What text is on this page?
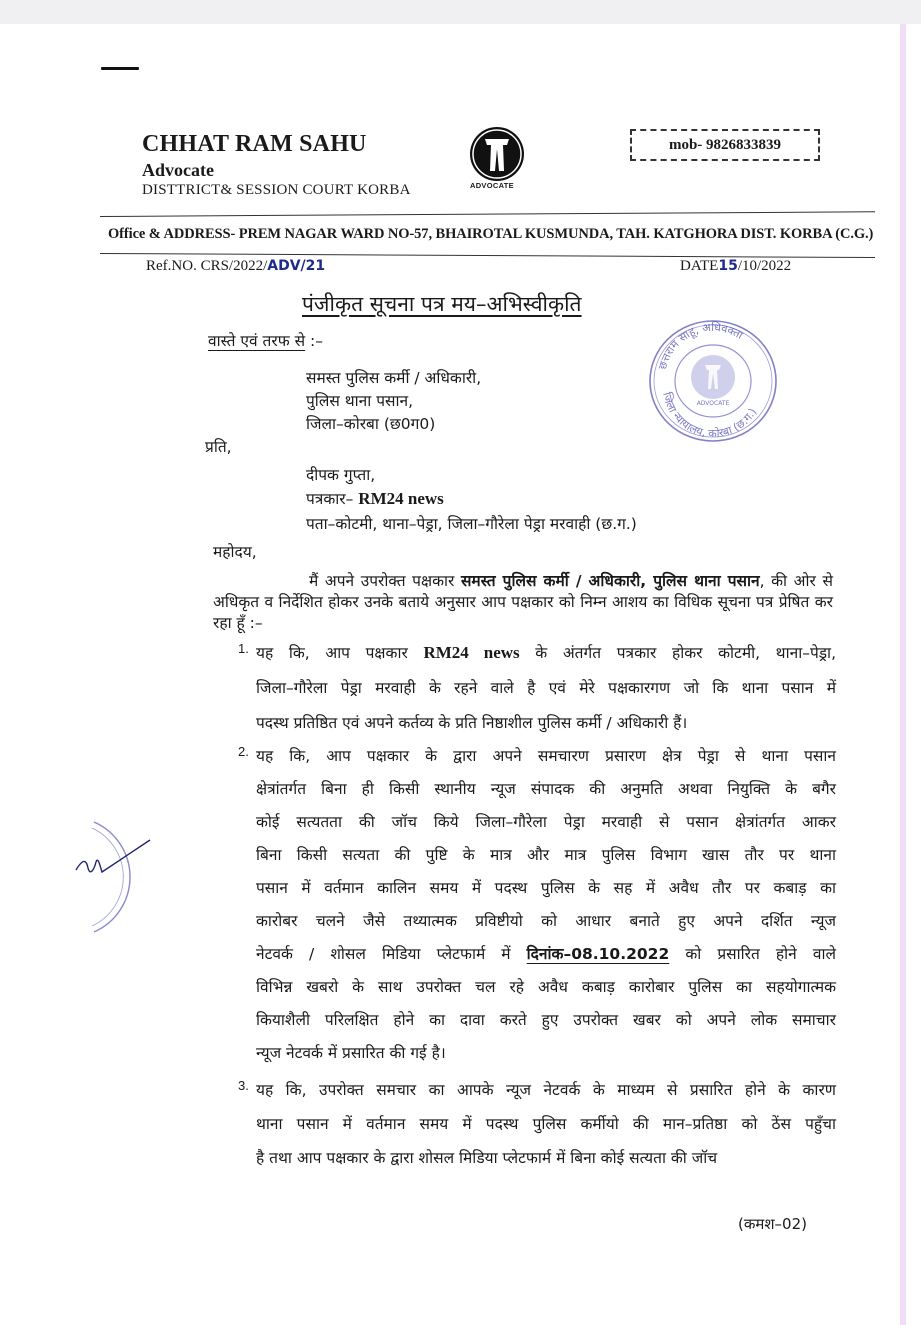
CHHAT RAM SAHU
Advocate
DISTTRICT& SESSION COURT KORBA	ADVOCATE
mob- 9826833839
Office & ADDRESS- PREM NAGAR WARD NO-57, BHAIROTAL KUSMUNDA, TAH. KATGHORA DIST. KORBA (C.G.)
Ref.NO. CRS/2022/ADV/21	DATE15/10/2022
पंजीकृत सूचना पत्र मय–अभिस्वीकृति
वास्ते एवं तरफ से :–
समस्त पुलिस कर्मी / अधिकारी,
पुलिस थाना पसान,
जिला–कोरबा (छ0ग0)
प्रति,
दीपक गुप्ता,
पत्रकार– RM24 news
पता–कोटमी, थाना–पेड्रा, जिला–गौरेला पेड्रा मरवाही (छ.ग.)
छत्तराम साहू, अधिवक्ता
जिला न्यायालय, कोरबा (छ.ग.)
ADVOCATE
महोदय,
मैं अपने उपरोक्त पक्षकार समस्त पुलिस कर्मी / अधिकारी, पुलिस थाना पसान, की ओर से अधिकृत व निर्देशित होकर उनके बताये अनुसार आप पक्षकार को निम्न आशय का विधिक सूचना पत्र प्रेषित कर रहा हूँ :–
1. यह कि, आप पक्षकार RM24 news के अंतर्गत पत्रकार होकर कोटमी, थाना–पेड्रा,
जिला–गौरेला पेड्रा मरवाही के रहने वाले है एवं मेरे पक्षकारगण जो कि थाना पसान में
पदस्थ प्रतिष्ठित एवं अपने कर्तव्य के प्रति निष्ठाशील पुलिस कर्मी / अधिकारी हैं।
2. यह कि, आप पक्षकार के द्वारा अपने समचारण प्रसारण क्षेत्र पेड्रा से थाना पसान
क्षेत्रांतर्गत बिना ही किसी स्थानीय न्यूज संपादक की अनुमति अथवा नियुक्ति के बगैर
कोई सत्यतता की जॉच किये जिला–गौरेला पेड्रा मरवाही से पसान क्षेत्रांतर्गत आकर
बिना किसी सत्यता की पुष्टि के मात्र और मात्र पुलिस विभाग खास तौर पर थाना
पसान में वर्तमान कालिन समय में पदस्थ पुलिस के सह में अवैध तौर पर कबाड़ का
कारोबर चलने जैसे तथ्यात्मक प्रविष्टीयो को आधार बनाते हुए अपने दर्शित न्यूज
नेटवर्क / शोसल मिडिया प्लेटफार्म में दिनांक–08.10.2022 को प्रसारित होने वाले
विभिन्न खबरो के साथ उपरोक्त चल रहे अवैध कबाड़ कारोबार पुलिस का सहयोगात्मक
कियाशैली परिलक्षित होने का दावा करते हुए उपरोक्त खबर को अपने लोक समाचार
न्यूज नेटवर्क में प्रसारित की गई है।
3. यह कि, उपरोक्त समचार का आपके न्यूज नेटवर्क के माध्यम से प्रसारित होने के कारण
थाना पसान में वर्तमान समय में पदस्थ पुलिस कर्मीयो की मान–प्रतिष्ठा को ठेंस पहुँचा
है तथा आप पक्षकार के द्वारा शोसल मिडिया प्लेटफार्म में बिना कोई सत्यता की जॉच
(कमश–02)
